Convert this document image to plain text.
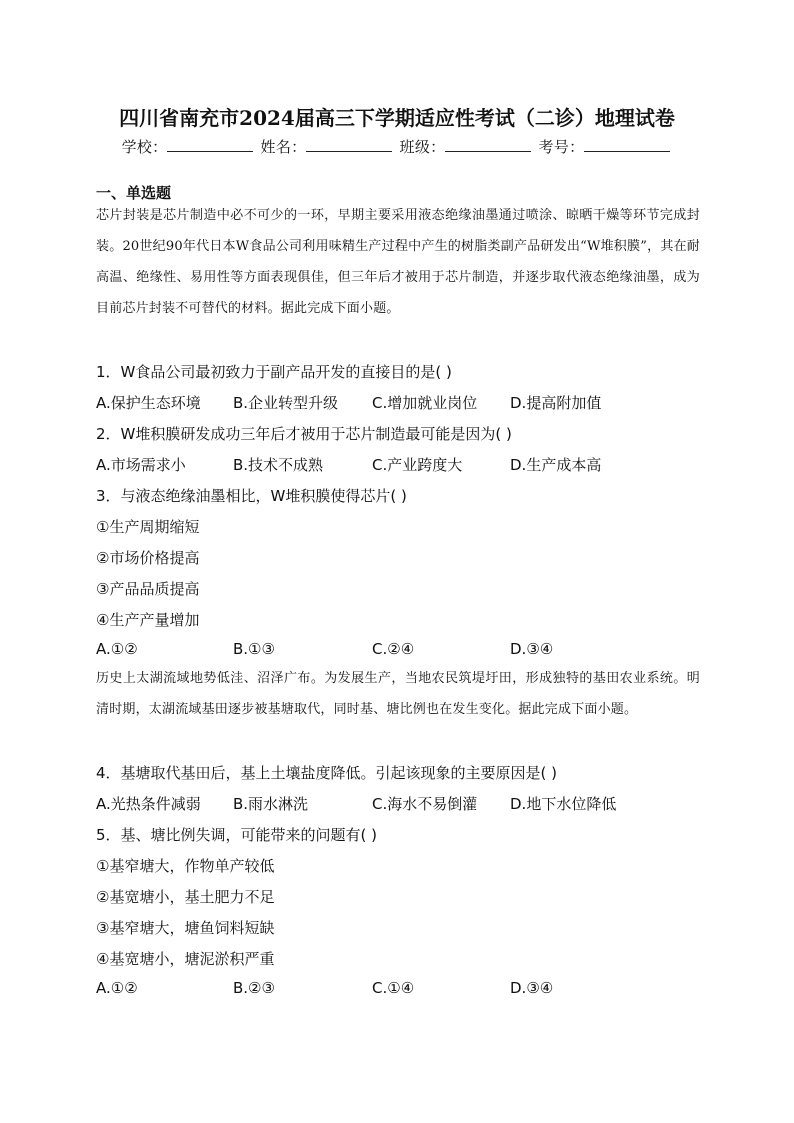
四川省南充市2024届高三下学期适应性考试（二诊）地理试卷
学校：	姓名：	班级：	考号：
一、单选题
芯片封装是芯片制造中必不可少的一环，早期主要采用液态绝缘油墨通过喷涂、晾晒干燥等环节完成封装。20世纪90年代日本W食品公司利用味精生产过程中产生的树脂类副产品研发出“W堆积膜”，其在耐高温、绝缘性、易用性等方面表现俱佳，但三年后才被用于芯片制造，并逐步取代液态绝缘油墨，成为目前芯片封装不可替代的材料。据此完成下面小题。
1．W食品公司最初致力于副产品开发的直接目的是( )
A.保护生态环境 B.企业转型升级 C.增加就业岗位 D.提高附加值
2．W堆积膜研发成功三年后才被用于芯片制造最可能是因为( )
A.市场需求小	B.技术不成熟	C.产业跨度大	D.生产成本高
3．与液态绝缘油墨相比，W堆积膜使得芯片( )
①生产周期缩短
②市场价格提高
③产品品质提高
④生产产量增加
A.①②	B.①③	C.②④	D.③④
历史上太湖流域地势低洼、沼泽广布。为发展生产，当地农民筑堤圩田，形成独特的基田农业系统。明清时期，太湖流域基田逐步被基塘取代，同时基、塘比例也在发生变化。据此完成下面小题。
4．基塘取代基田后，基上土壤盐度降低。引起该现象的主要原因是( )
A.光热条件减弱 B.雨水淋洗	C.海水不易倒灌 D.地下水位降低
5．基、塘比例失调，可能带来的问题有( )
①基窄塘大，作物单产较低
②基宽塘小，基土肥力不足
③基窄塘大，塘鱼饲料短缺
④基宽塘小，塘泥淤积严重
A.①②	B.②③	C.①④	D.③④
